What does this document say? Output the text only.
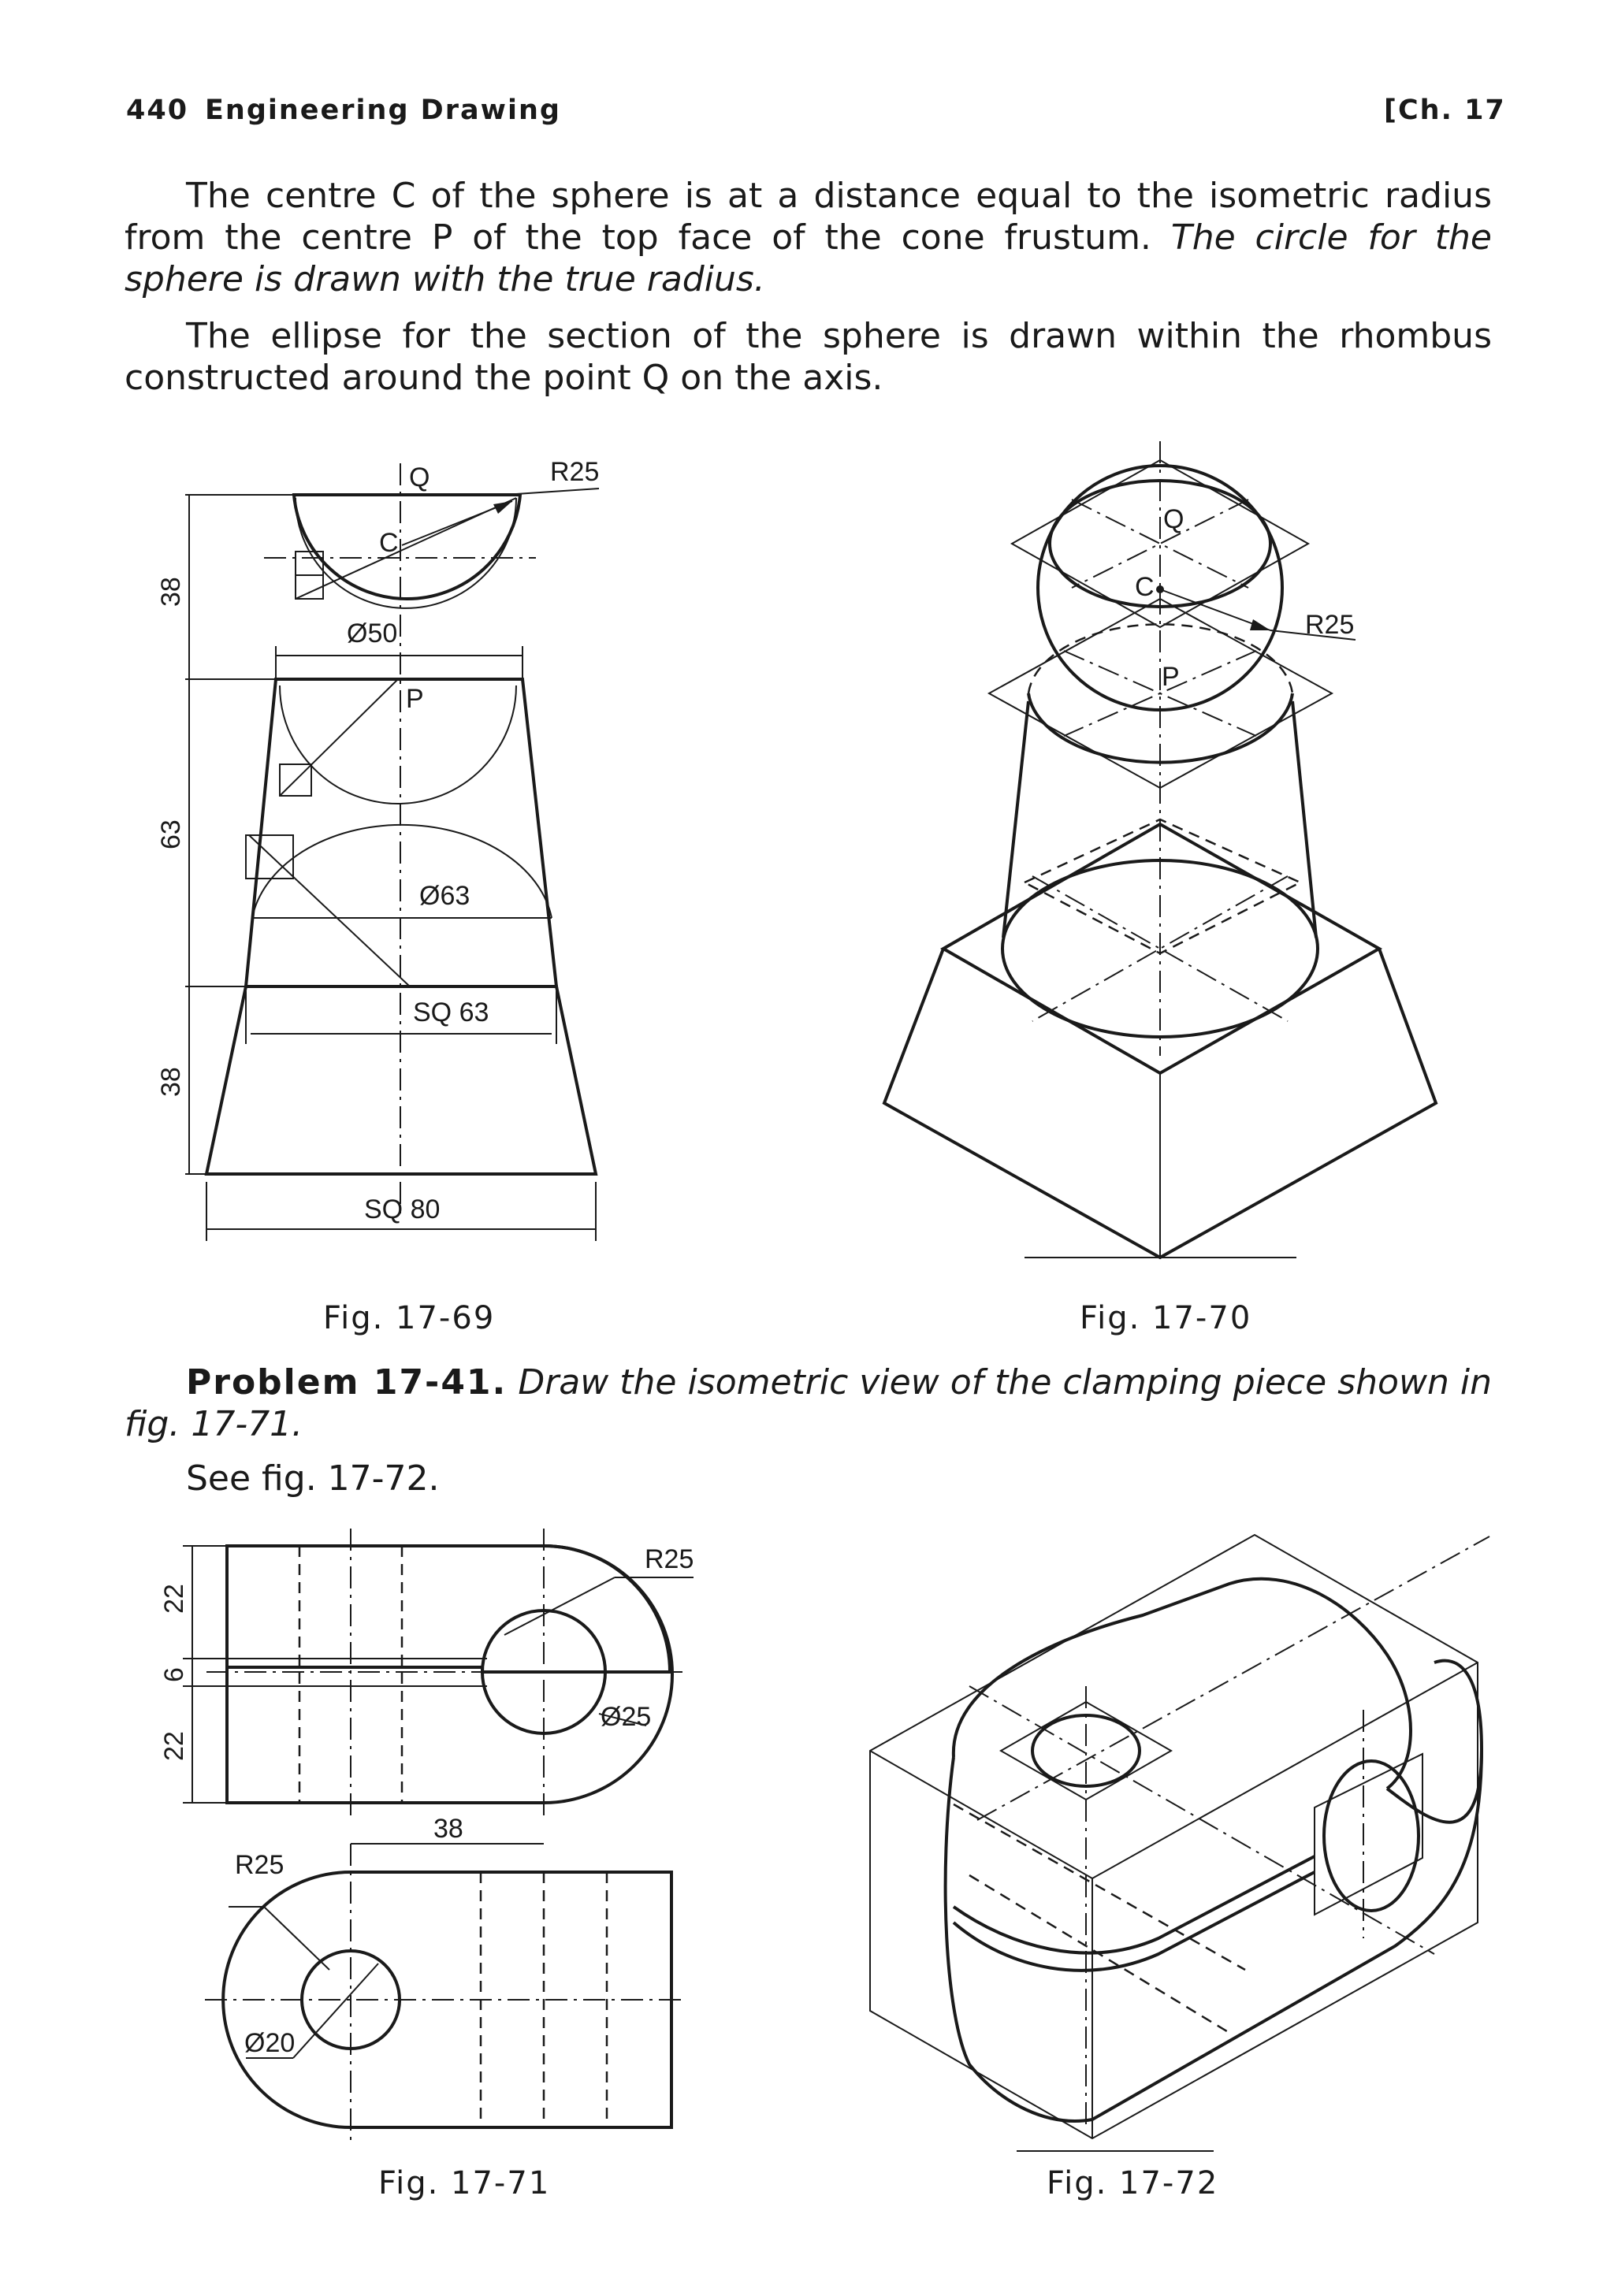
440 Engineering Drawing	[Ch. 17

The centre C of the sphere is at a distance equal to the isometric radius from the centre P of the top face of the cone frustum. The circle for the sphere is drawn with the true radius.

The ellipse for the section of the sphere is drawn within the rhombus constructed around the point Q on the axis.

Q
C
P
R25
Ø50
Ø63
SQ 63
SQ 80
38
63
38
Q
C
P
R25
22
6
22
38
R25
Ø25
R25
Ø20
Fig. 17-69	Fig. 17-70

Problem 17-41. Draw the isometric view of the clamping piece shown in fig. 17-71.

See fig. 17-72.

Fig. 17-71	Fig. 17-72
